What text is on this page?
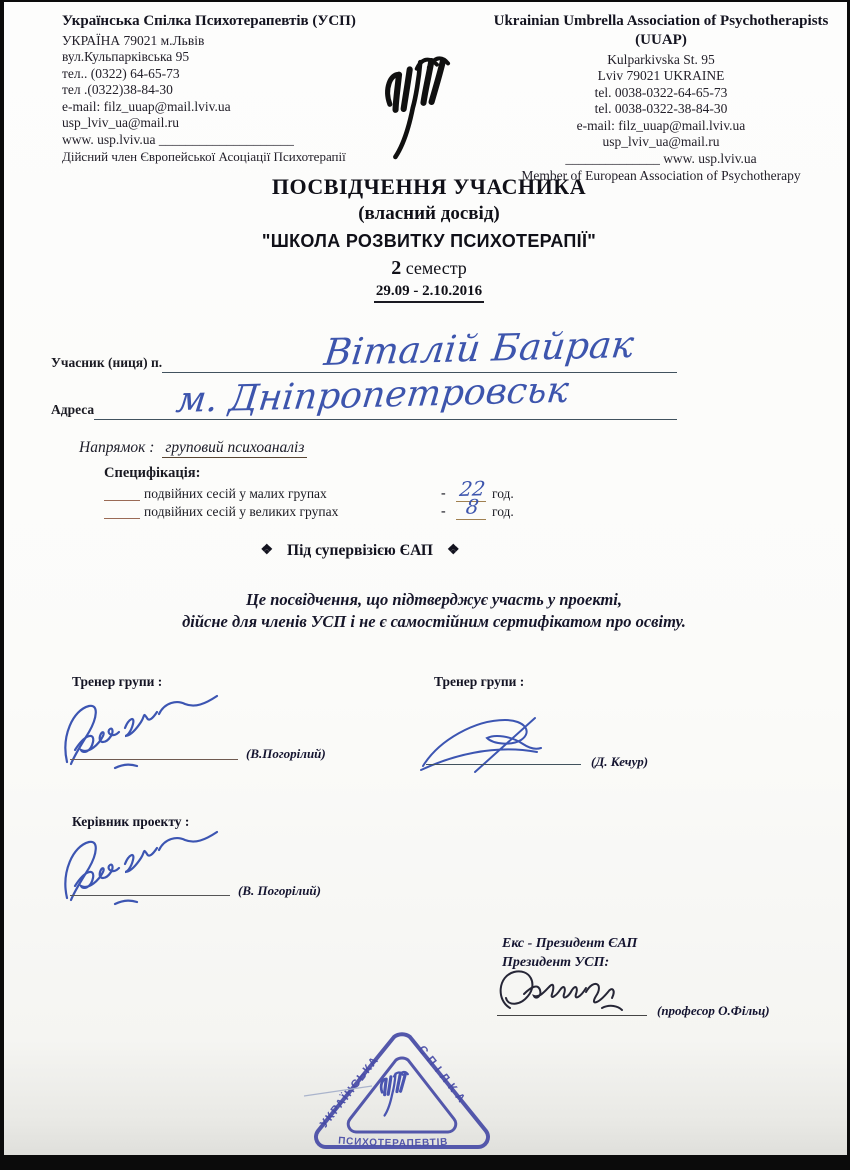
Українська Спілка Психотерапевтів (УСП)
УКРАЇНА 79021 м.Львів
вул.Кульпарківська 95
тел.. (0322) 64-65-73
тел .(0322)38-84-30
e-mail: filz_uuap@mail.lviv.ua
usp_lviv_ua@mail.ru
www. usp.lviv.ua ____________________
Дійсний член Європейської Асоціації Психотерапії
Ukrainian Umbrella Association of Psychotherapists (UUAP)
Kulparkivska St. 95
Lviv 79021 UKRAINE
tel. 0038-0322-64-65-73
tel. 0038-0322-38-84-30
e-mail: filz_uuap@mail.lviv.ua
usp_lviv_ua@mail.ru
______________ www. usp.lviv.ua
Member of European Association of Psychotherapy
ПОСВІДЧЕННЯ УЧАСНИКА
(власний досвід)
"ШКОЛА РОЗВИТКУ ПСИХОТЕРАПІЇ"
2 семестр
29.09 - 2.10.2016
Учасник (ниця) п.	Віталій Байрак
Адреса м. Дніпропетровськ
Напрямок : груповий психоаналіз
Специфікація:
подвійних сесій у малих групах	- 22 год.
подвійних сесій у великих групах	- 8 год.
❖ Під супервізією ЄАП ❖
Це посвідчення, що підтверджує участь у проекті,
дійсне для членів УСП і не є самостійним сертифікатом про освіту.
Тренер групи :
(В.Погорілий)
Тренер групи :
(Д. Кечур)
Керівник проекту :
(В. Погорілий)
Екс - Президент ЄАП
Президент УСП:
(професор О.Фільц)
УКРАЇНСЬКА	СПІЛКА
ПСИХОТЕРАПЕВТІВ
